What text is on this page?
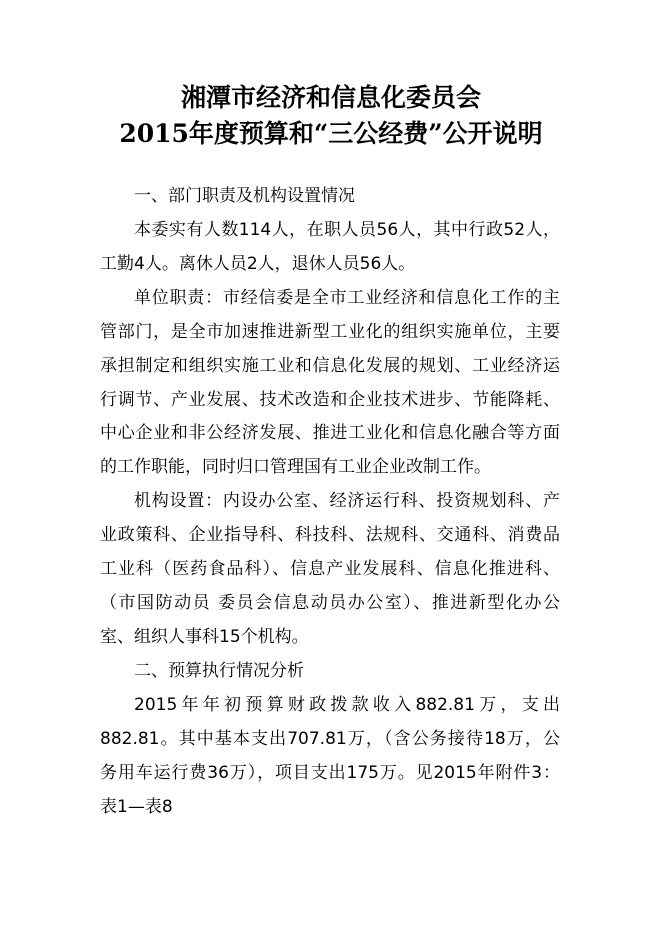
湘潭市经济和信息化委员会
2015年度预算和“三公经费”公开说明
一、部门职责及机构设置情况
本委实有人数114人，在职人员56人，其中行政52人，
工勤4人。离休人员2人，退休人员56人。
单位职责：市经信委是全市工业经济和信息化工作的主
管部门，是全市加速推进新型工业化的组织实施单位，主要
承担制定和组织实施工业和信息化发展的规划、工业经济运
行调节、产业发展、技术改造和企业技术进步、节能降耗、
中心企业和非公经济发展、推进工业化和信息化融合等方面
的工作职能，同时归口管理国有工业企业改制工作。
机构设置：内设办公室、经济运行科、投资规划科、产
业政策科、企业指导科、科技科、法规科、交通科、消费品
工业科（医药食品科）、信息产业发展科、信息化推进科、
（市国防动员 委员会信息动员办公室）、推进新型化办公
室、组织人事科15个机构。
二、预算执行情况分析
2015年年初预算财政拨款收入882.81万，支出
882.81。其中基本支出707.81万，（含公务接待18万，公
务用车运行费36万），项目支出175万。见2015年附件3：
表1—表8
